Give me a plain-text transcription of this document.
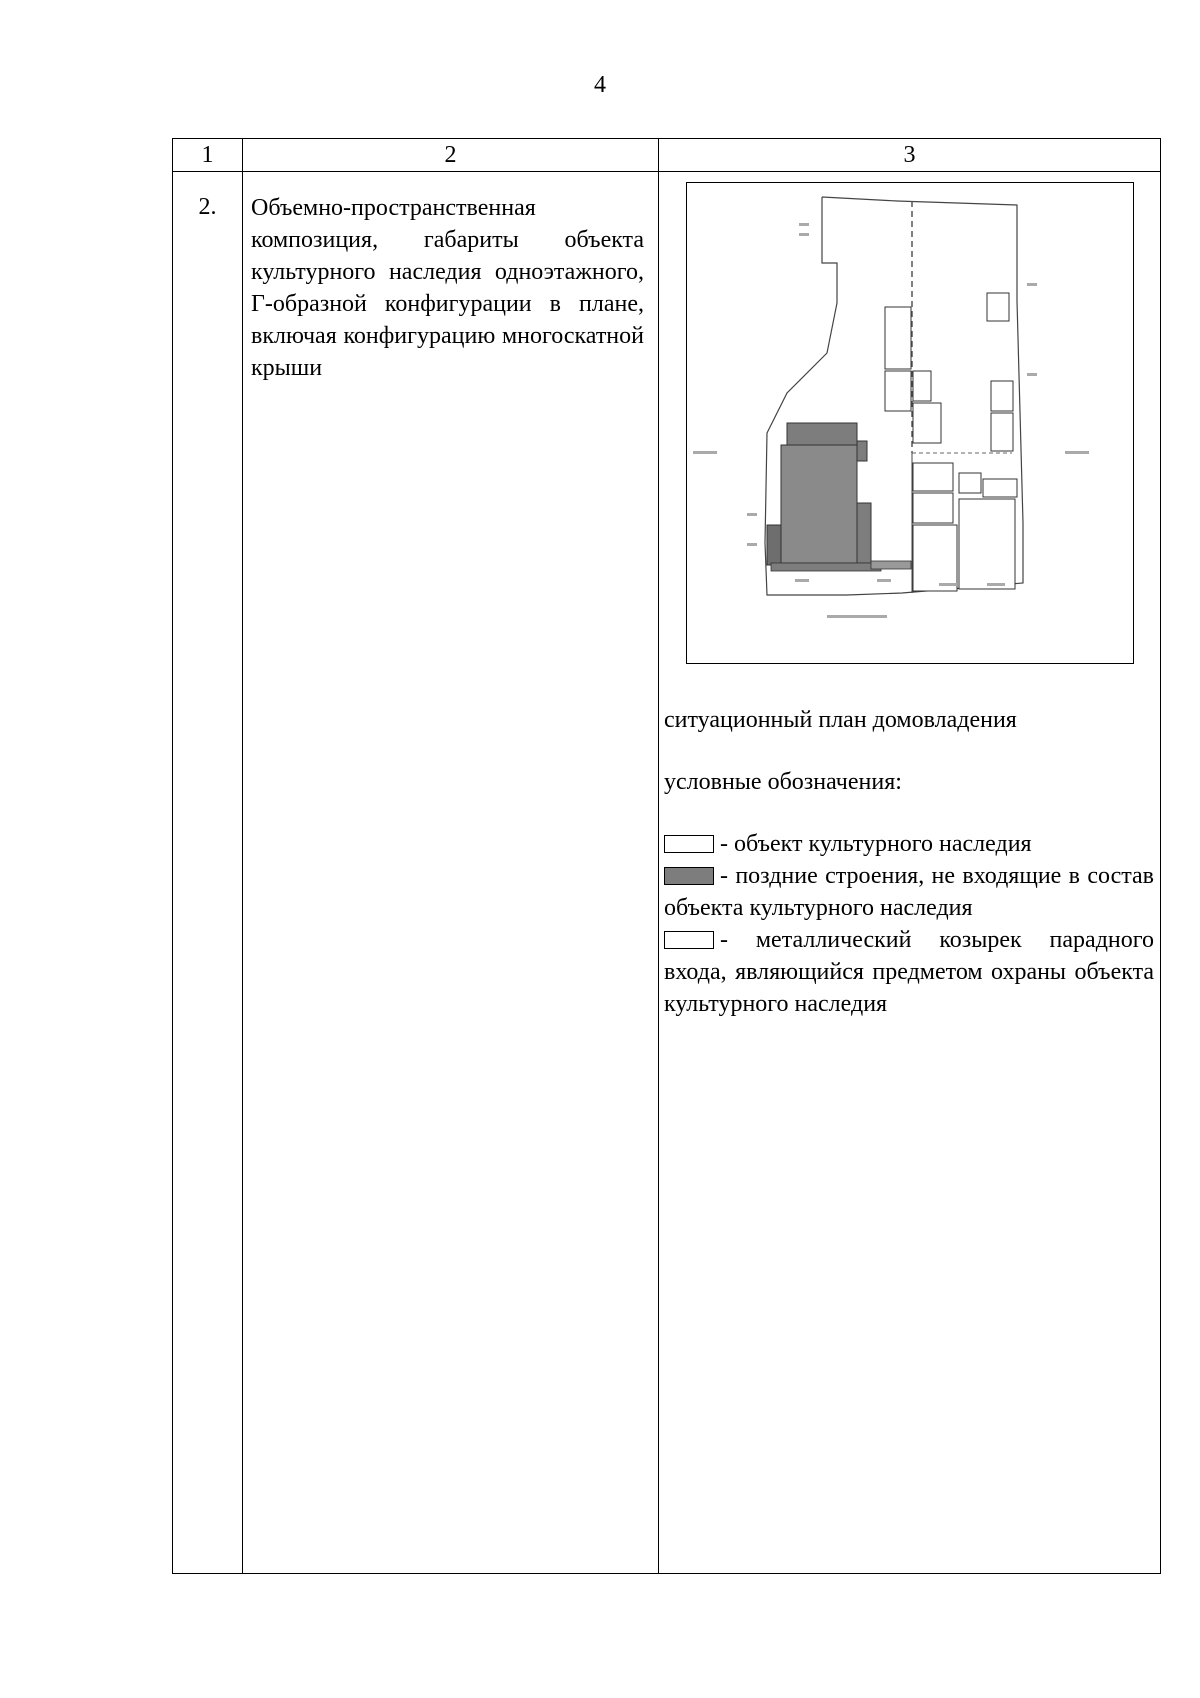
4
1	2	3
2.	Объемно-пространственная композиция, габариты объекта культурного наследия одноэтажного, Г-образной конфигурации в плане, включая конфигурацию многоскатной крыши	ситуационный план домовладения
условные обозначения:
- объект культурного наследия
- поздние строения, не входящие в состав объекта культурного наследия
- металлический козырек парадного входа, являющийся предметом охраны объекта культурного наследия
